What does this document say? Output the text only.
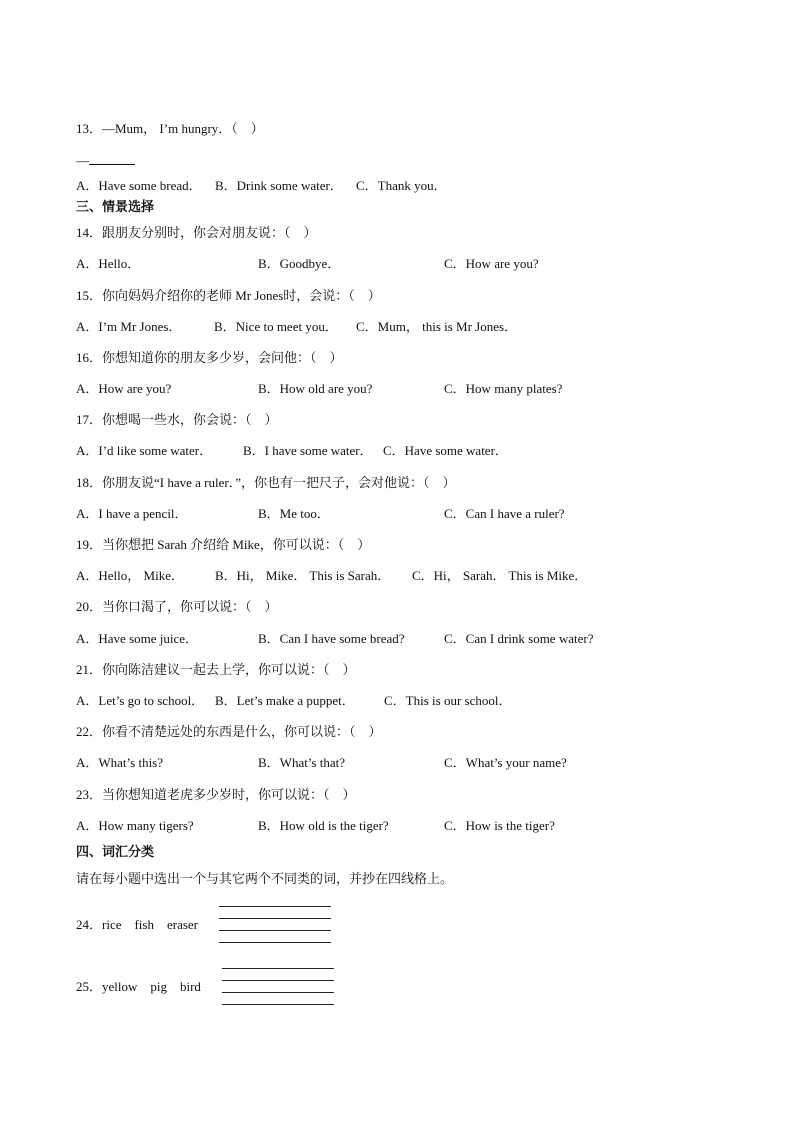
13．—Mum， I’m hungry．（　）
—
A．Have some bread． B．Drink some water． C．Thank you．
三、情景选择
14．跟朋友分别时，你会对朋友说：（　）
A．Hello．	B．Goodbye．	C．How are you?
15．你向妈妈介绍你的老师 Mr Jones时，会说：（　）
A．I’m Mr Jones．	B．Nice to meet you． C．Mum， this is Mr Jones．
16．你想知道你的朋友多少岁，会问他：（　）
A．How are you?	B．How old are you?	C．How many plates?
17．你想喝一些水，你会说：（　）
A．I’d like some water． B．I have some water． C．Have some water．
18．你朋友说“I have a ruler．”，你也有一把尺子，会对他说：（　）
A．I have a pencil．	B．Me too．	C．Can I have a ruler?
19．当你想把 Sarah 介绍给 Mike，你可以说：（　）
A．Hello， Mike． B．Hi， Mike． This is Sarah． C．Hi， Sarah． This is Mike．
20．当你口渴了，你可以说：（　）
A．Have some juice．	B．Can I have some bread?	C．Can I drink some water?
21．你向陈洁建议一起去上学，你可以说：（　）
A．Let’s go to school． B．Let’s make a puppet． C．This is our school．
22．你看不清楚远处的东西是什么，你可以说：（　）
A．What’s this?	B．What’s that?	C．What’s your name?
23．当你想知道老虎多少岁时，你可以说：（　）
A．How many tigers?	B．How old is the tiger?	C．How is the tiger?
四、词汇分类
请在每小题中选出一个与其它两个不同类的词，并抄在四线格上。
24．rice　fish　eraser
25．yellow　pig　bird
